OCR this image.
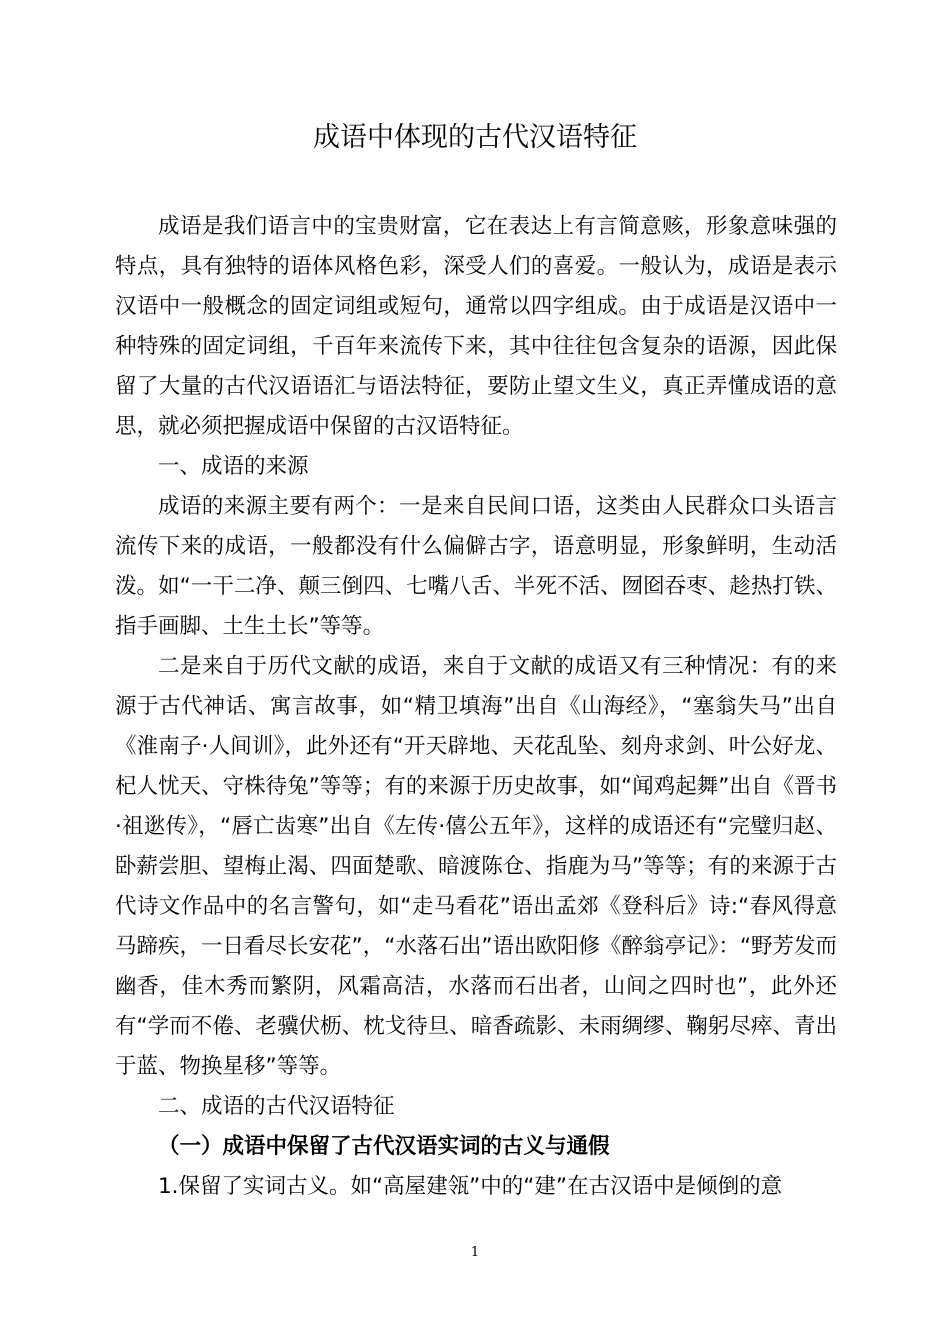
成语中体现的古代汉语特征

成语是我们语言中的宝贵财富，它在表达上有言简意赅，形象意味强的特点，具有独特的语体风格色彩，深受人们的喜爱。一般认为，成语是表示汉语中一般概念的固定词组或短句，通常以四字组成。由于成语是汉语中一种特殊的固定词组，千百年来流传下来，其中往往包含复杂的语源，因此保留了大量的古代汉语语汇与语法特征，要防止望文生义，真正弄懂成语的意思，就必须把握成语中保留的古汉语特征。

一、成语的来源

成语的来源主要有两个：一是来自民间口语，这类由人民群众口头语言流传下来的成语，一般都没有什么偏僻古字，语意明显，形象鲜明，生动活泼。如“一干二净、颠三倒四、七嘴八舌、半死不活、囫囵吞枣、趁热打铁、指手画脚、土生土长”等等。

二是来自于历代文献的成语，来自于文献的成语又有三种情况：有的来源于古代神话、寓言故事，如“精卫填海”出自《山海经》，“塞翁失马”出自《淮南子·人间训》，此外还有“开天辟地、天花乱坠、刻舟求剑、叶公好龙、杞人忧天、守株待兔”等等；有的来源于历史故事，如“闻鸡起舞”出自《晋书·祖逖传》，“唇亡齿寒”出自《左传·僖公五年》，这样的成语还有“完璧归赵、卧薪尝胆、望梅止渴、四面楚歌、暗渡陈仓、指鹿为马”等等；有的来源于古代诗文作品中的名言警句，如“走马看花”语出孟郊《登科后》诗:“春风得意马蹄疾，一日看尽长安花”，“水落石出”语出欧阳修《醉翁亭记》：“野芳发而幽香，佳木秀而繁阴，风霜高洁，水落而石出者，山间之四时也”，此外还有“学而不倦、老骥伏枥、枕戈待旦、暗香疏影、未雨绸缪、鞠躬尽瘁、青出于蓝、物换星移”等等。

二、成语的古代汉语特征

（一）成语中保留了古代汉语实词的古义与通假

1.保留了实词古义。如“高屋建瓴”中的“建”在古汉语中是倾倒的意

1
